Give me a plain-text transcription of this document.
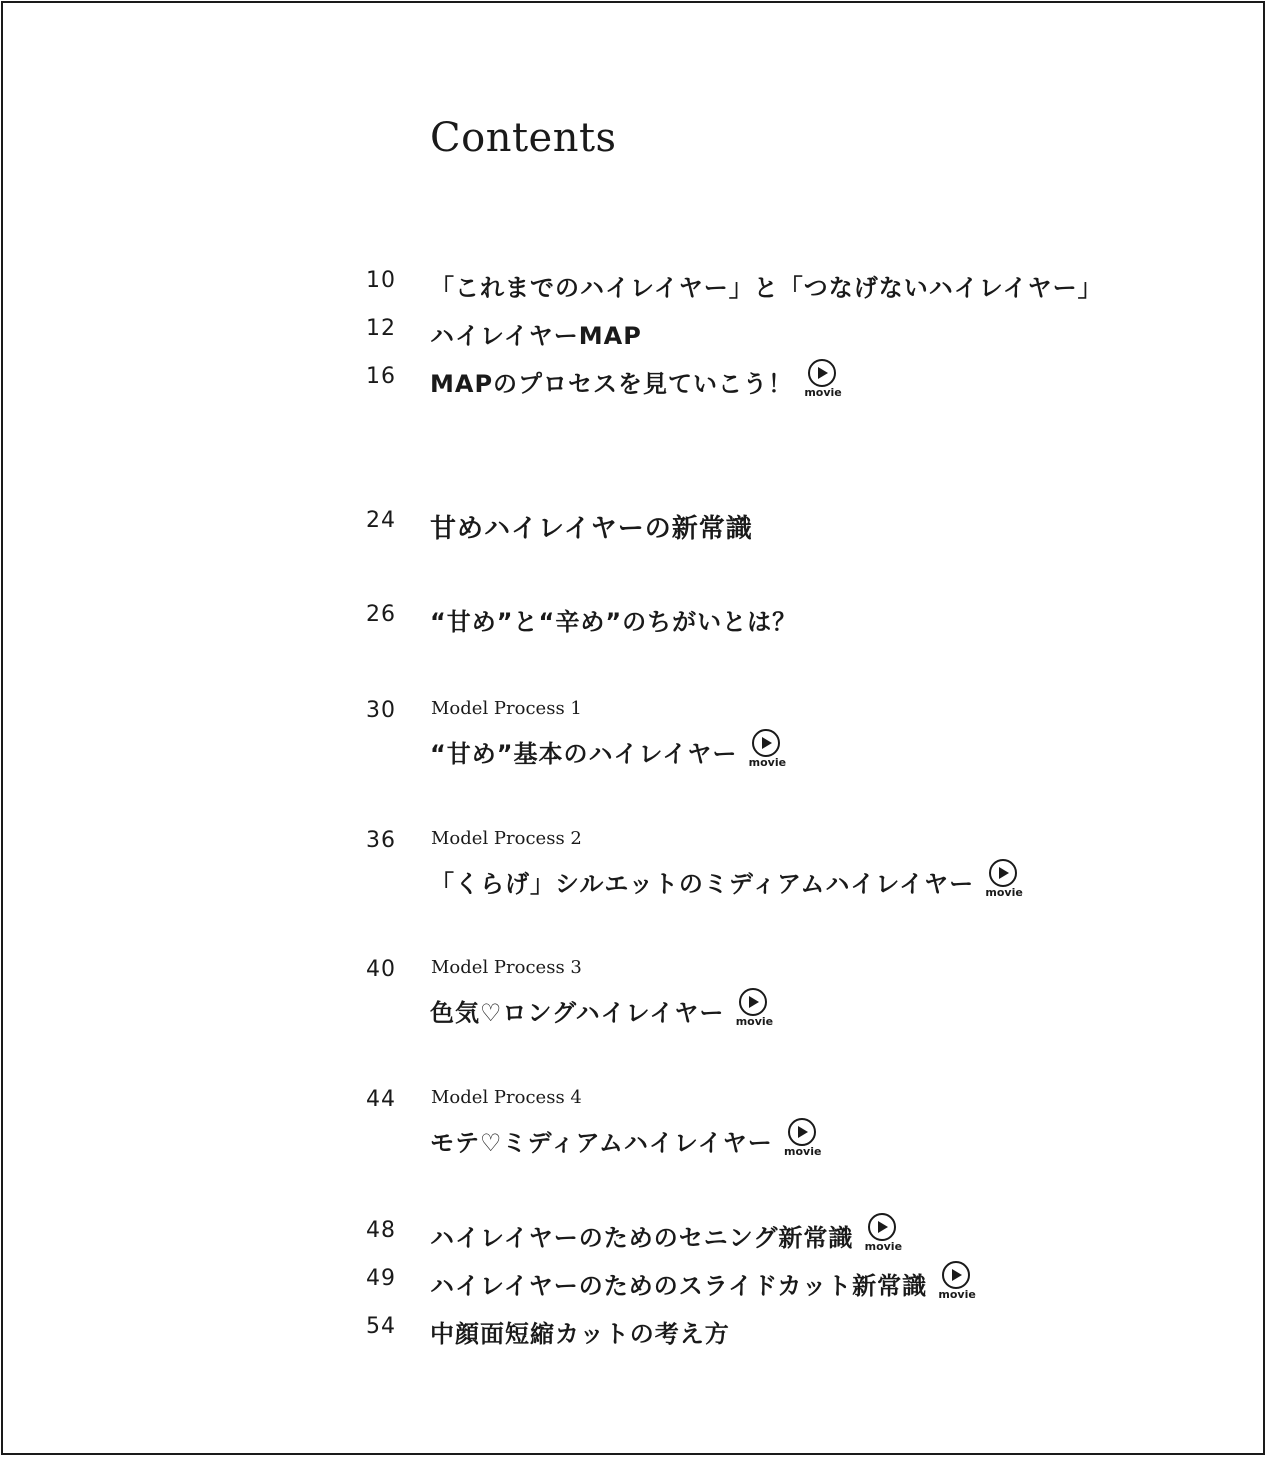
Contents
10	「これまでのハイレイヤー」と「つなげないハイレイヤー」
12	ハイレイヤーMAP
16	MAPのプロセスを見ていこう！ movie
24	甘めハイレイヤーの新常識
26	“甘め”と“辛め”のちがいとは？
30	Model Process 1
“甘め”基本のハイレイヤー movie
36	Model Process 2
「くらげ」シルエットのミディアムハイレイヤー movie
40	Model Process 3
色気♡ロングハイレイヤー movie
44	Model Process 4
モテ♡ミディアムハイレイヤー movie
48	ハイレイヤーのためのセニング新常識 movie
49	ハイレイヤーのためのスライドカット新常識 movie
54	中顔面短縮カットの考え方
